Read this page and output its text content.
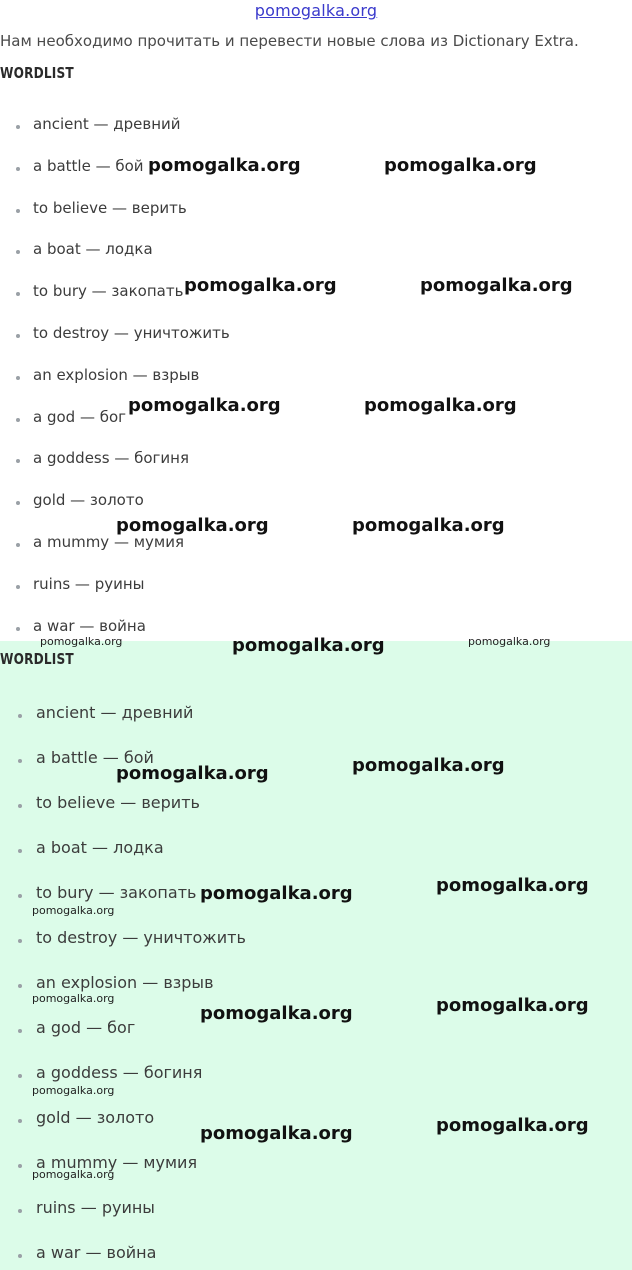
pomogalka.org
Нам необходимо прочитать и перевести новые слова из Dictionary Extra.
WORDLIST
ancient — древний
a battle — бой
to believe — верить
a boat — лодка
to bury — закопать
to destroy — уничтожить
an explosion — взрыв
a god — бог
a goddess — богиня
gold — золото
a mummy — мумия
ruins — руины
a war — война
WORDLIST
ancient — древний
a battle — бой
to believe — верить
a boat — лодка
to bury — закопать
to destroy — уничтожить
an explosion — взрыв
a god — бог
a goddess — богиня
gold — золото
a mummy — мумия
ruins — руины
a war — война
pomogalka.org	pomogalka.org
pomogalka.org	pomogalka.org
pomogalka.org	pomogalka.org
pomogalka.org	pomogalka.org
pomogalka.org	pomogalka.org	pomogalka.org
pomogalka.org	pomogalka.org
pomogalka.org	pomogalka.org
pomogalka.org
pomogalka.org
pomogalka.org	pomogalka.org
pomogalka.org
pomogalka.org	pomogalka.org
pomogalka.org
